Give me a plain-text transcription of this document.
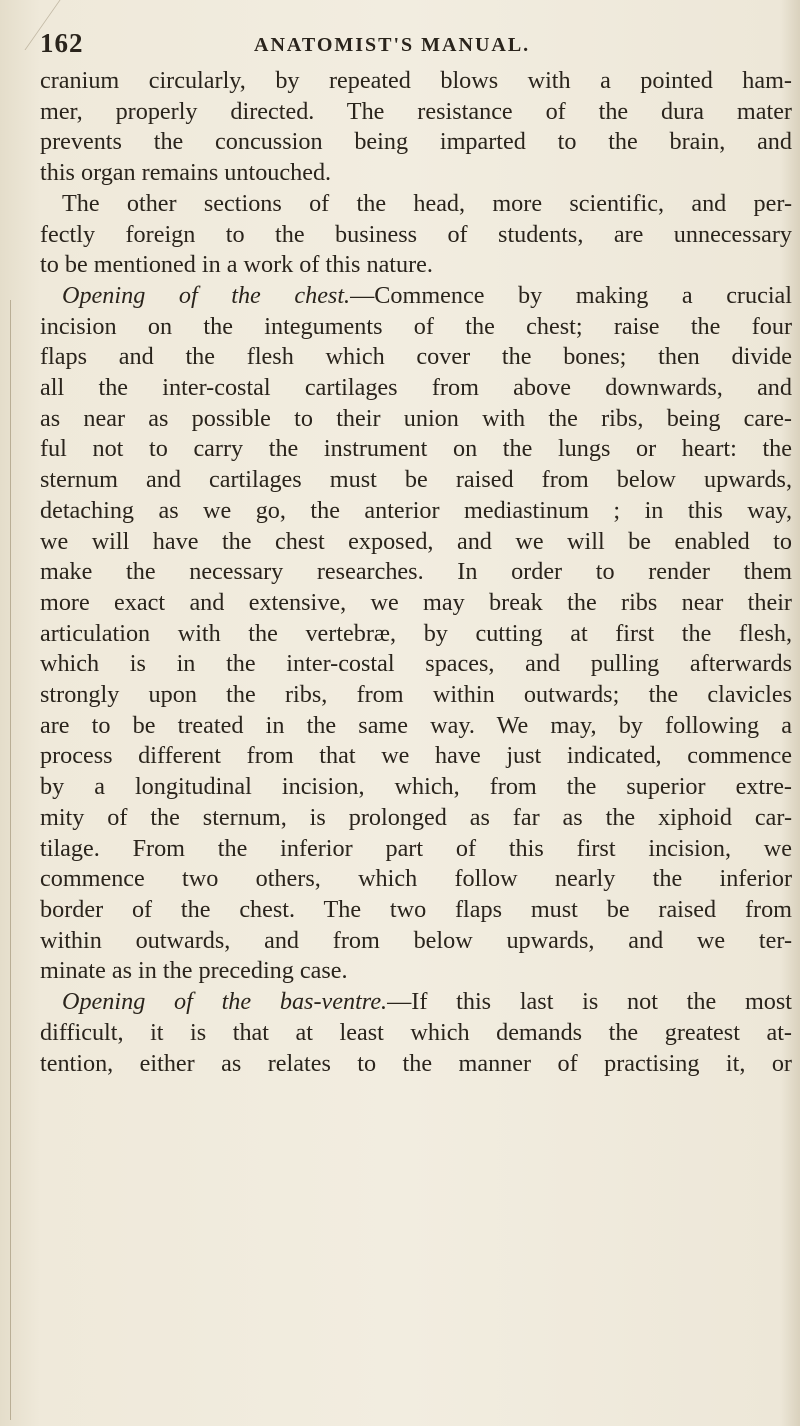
162	ANATOMIST'S MANUAL.
cranium circularly, by repeated blows with a pointed ham-
mer, properly directed. The resistance of the dura mater
prevents the concussion being imparted to the brain, and
this organ remains untouched.
The other sections of the head, more scientific, and per-
fectly foreign to the business of students, are unnecessary
to be mentioned in a work of this nature.
Opening of the chest.—Commence by making a crucial
incision on the integuments of the chest; raise the four
flaps and the flesh which cover the bones; then divide
all the inter-costal cartilages from above downwards, and
as near as possible to their union with the ribs, being care-
ful not to carry the instrument on the lungs or heart: the
sternum and cartilages must be raised from below upwards,
detaching as we go, the anterior mediastinum ; in this way,
we will have the chest exposed, and we will be enabled to
make the necessary researches. In order to render them
more exact and extensive, we may break the ribs near their
articulation with the vertebræ, by cutting at first the flesh,
which is in the inter-costal spaces, and pulling afterwards
strongly upon the ribs, from within outwards; the clavicles
are to be treated in the same way. We may, by following a
process different from that we have just indicated, commence
by a longitudinal incision, which, from the superior extre-
mity of the sternum, is prolonged as far as the xiphoid car-
tilage. From the inferior part of this first incision, we
commence two others, which follow nearly the inferior
border of the chest. The two flaps must be raised from
within outwards, and from below upwards, and we ter-
minate as in the preceding case.
Opening of the bas-ventre.—If this last is not the most
difficult, it is that at least which demands the greatest at-
tention, either as relates to the manner of practising it, or
